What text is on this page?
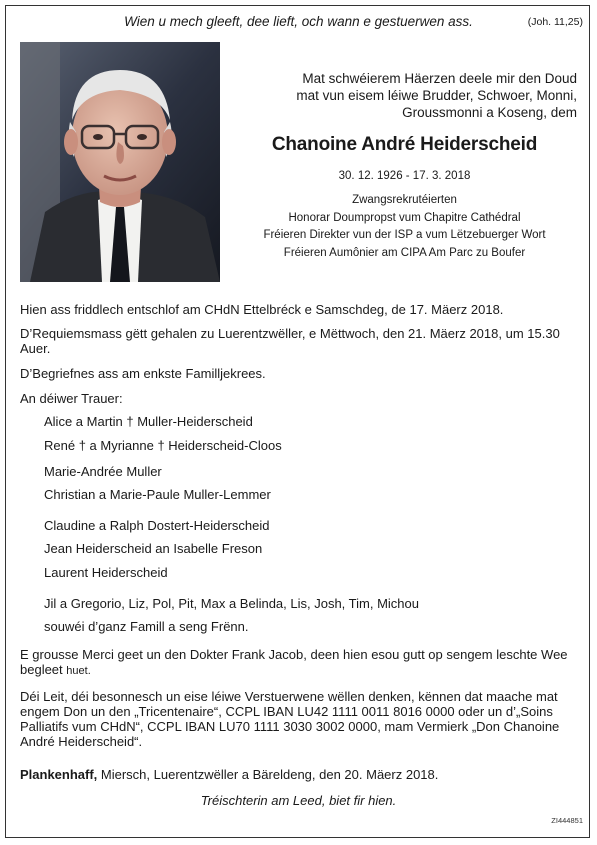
Wien u mech gleeft, dee lieft, och wann e gestuerwen ass.	(Joh. 11,25)
Mat schwéierem Häerzen deele mir den Doud
mat vun eisem léiwe Brudder, Schwoer, Monni,
Groussmonni a Koseng, dem
Chanoine André Heiderscheid
30. 12. 1926 - 17. 3. 2018
Zwangsrekrutéierten
Honorar Doumpropst vum Chapitre Cathédral
Fréieren Direkter vun der ISP a vum Lëtzebuerger Wort
Fréieren Aumônier am CIPA Am Parc zu Boufer
Hien ass friddlech entschlof am CHdN Ettelbréck e Samschdeg, de 17. Mäerz 2018.
D’Requiemsmass gëtt gehalen zu Luerentzwëller, e Mëttwoch, den 21. Mäerz 2018, um 15.30 Auer.
D’Begriefnes ass am enkste Familljekrees.
An déiwer Trauer:
Alice a Martin † Muller-Heiderscheid
René † a Myrianne † Heiderscheid-Cloos
Marie-Andrée Muller
Christian a Marie-Paule Muller-Lemmer
Claudine a Ralph Dostert-Heiderscheid
Jean Heiderscheid an Isabelle Freson
Laurent Heiderscheid
Jil a Gregorio, Liz, Pol, Pit, Max a Belinda, Lis, Josh, Tim, Michou
souwéi d’ganz Famill a seng Frënn.
E grousse Merci geet un den Dokter Frank Jacob, deen hien esou gutt op sengem leschte Wee begleet huet.
Déi Leit, déi besonnesch un eise léiwe Verstuerwene wëllen denken, kënnen dat maache mat engem Don un den „Tricentenaire“, CCPL IBAN LU42 1111 0011 8016 0000 oder un d’„Soins Palliatifs vum CHdN“, CCPL IBAN LU70 1111 3030 3002 0000, mam Vermierk „Don Chanoine André Heiderscheid“.
Plankenhaff, Miersch, Luerentzwëller a Bäreldeng, den 20. Mäerz 2018.
Tréischterin am Leed, biet fir hien.
ZI444851
